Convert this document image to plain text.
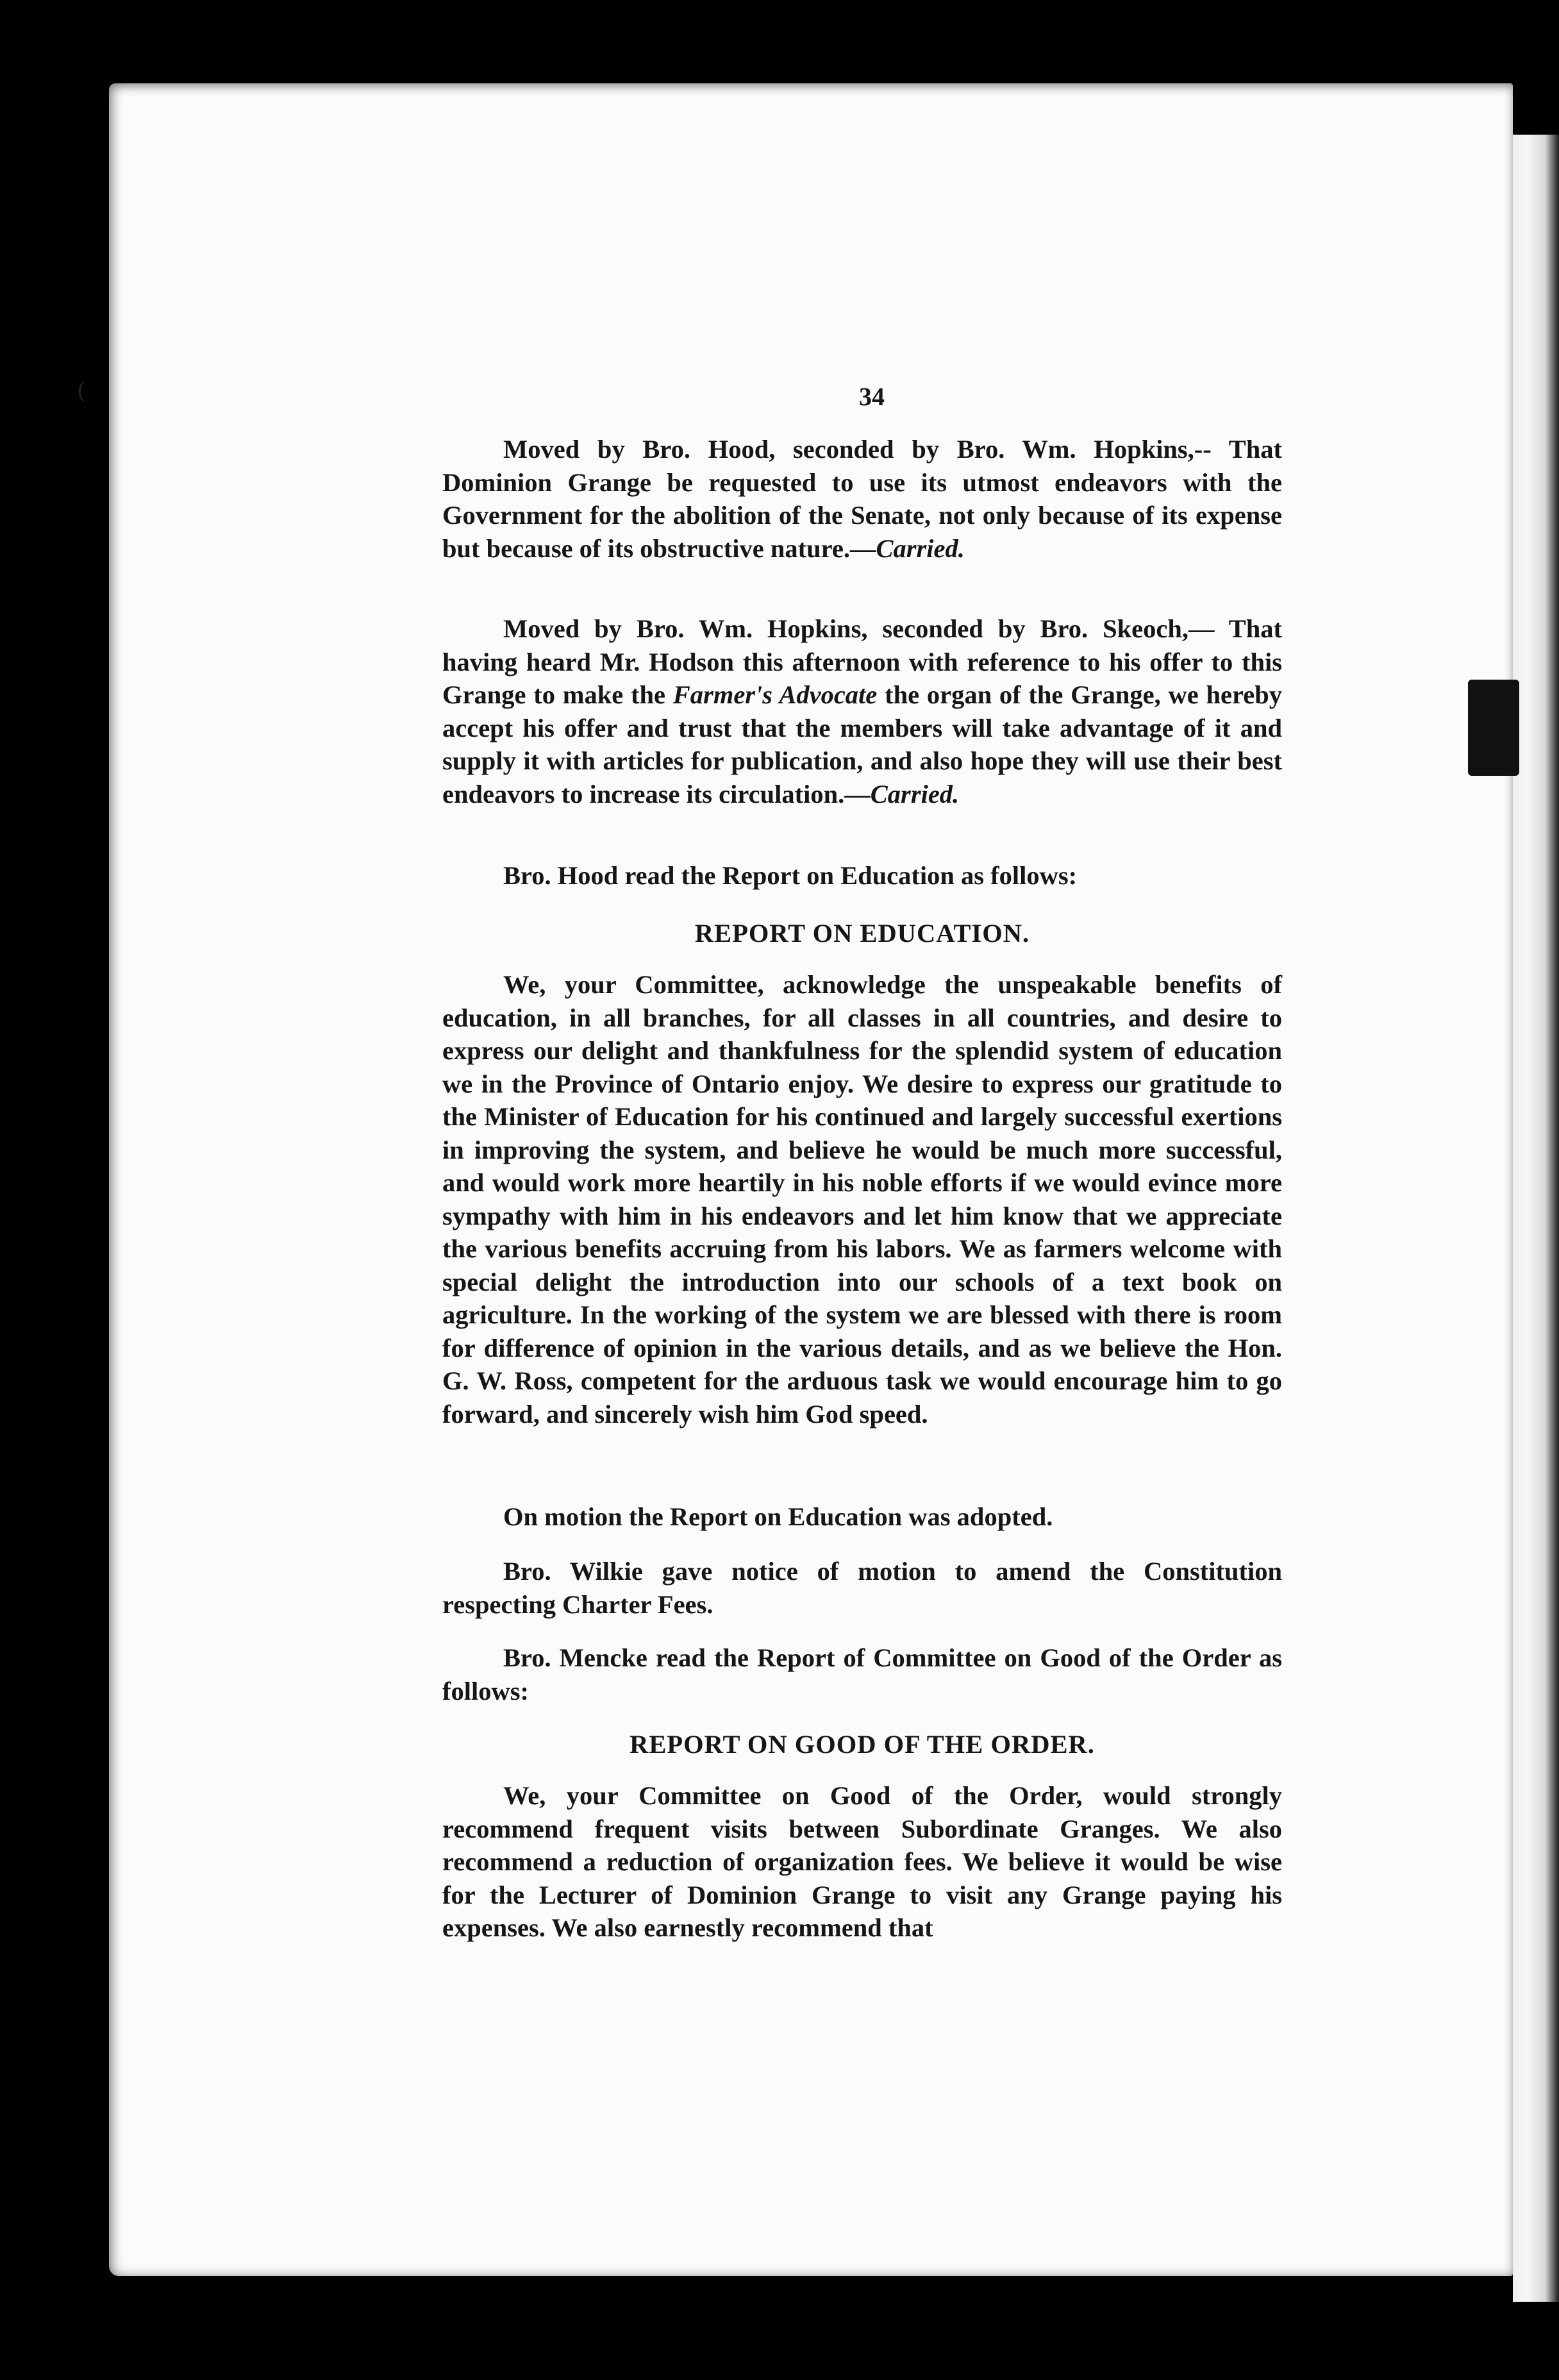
(	34

Moved by Bro. Hood, seconded by Bro. Wm. Hopkins,-- That Dominion Grange be requested to use its utmost endeavors with the Government for the abolition of the Senate, not only because of its expense but because of its obstructive nature.—Carried.

Moved by Bro. Wm. Hopkins, seconded by Bro. Skeoch,— That having heard Mr. Hodson this afternoon with reference to his offer to this Grange to make the Farmer's Advocate the organ of the Grange, we hereby accept his offer and trust that the members will take advantage of it and supply it with articles for publication, and also hope they will use their best endeavors to increase its circulation.—Carried.

Bro. Hood read the Report on Education as follows:

REPORT ON EDUCATION.

We, your Committee, acknowledge the unspeakable benefits of education, in all branches, for all classes in all countries, and desire to express our delight and thankfulness for the splendid system of education we in the Province of Ontario enjoy. We desire to express our gratitude to the Minister of Education for his continued and largely successful exertions in improving the system, and believe he would be much more successful, and would work more heartily in his noble efforts if we would evince more sympathy with him in his endeavors and let him know that we appreciate the various benefits accruing from his labors. We as farmers welcome with special delight the introduction into our schools of a text book on agriculture. In the working of the system we are blessed with there is room for difference of opinion in the various details, and as we believe the Hon. G. W. Ross, competent for the arduous task we would encourage him to go forward, and sincerely wish him God speed.

On motion the Report on Education was adopted.

Bro. Wilkie gave notice of motion to amend the Constitution respecting Charter Fees.

Bro. Mencke read the Report of Committee on Good of the Order as follows:

REPORT ON GOOD OF THE ORDER.

We, your Committee on Good of the Order, would strongly recommend frequent visits between Subordinate Granges. We also recommend a reduction of organization fees. We believe it would be wise for the Lecturer of Dominion Grange to visit any Grange paying his expenses. We also earnestly recommend that
